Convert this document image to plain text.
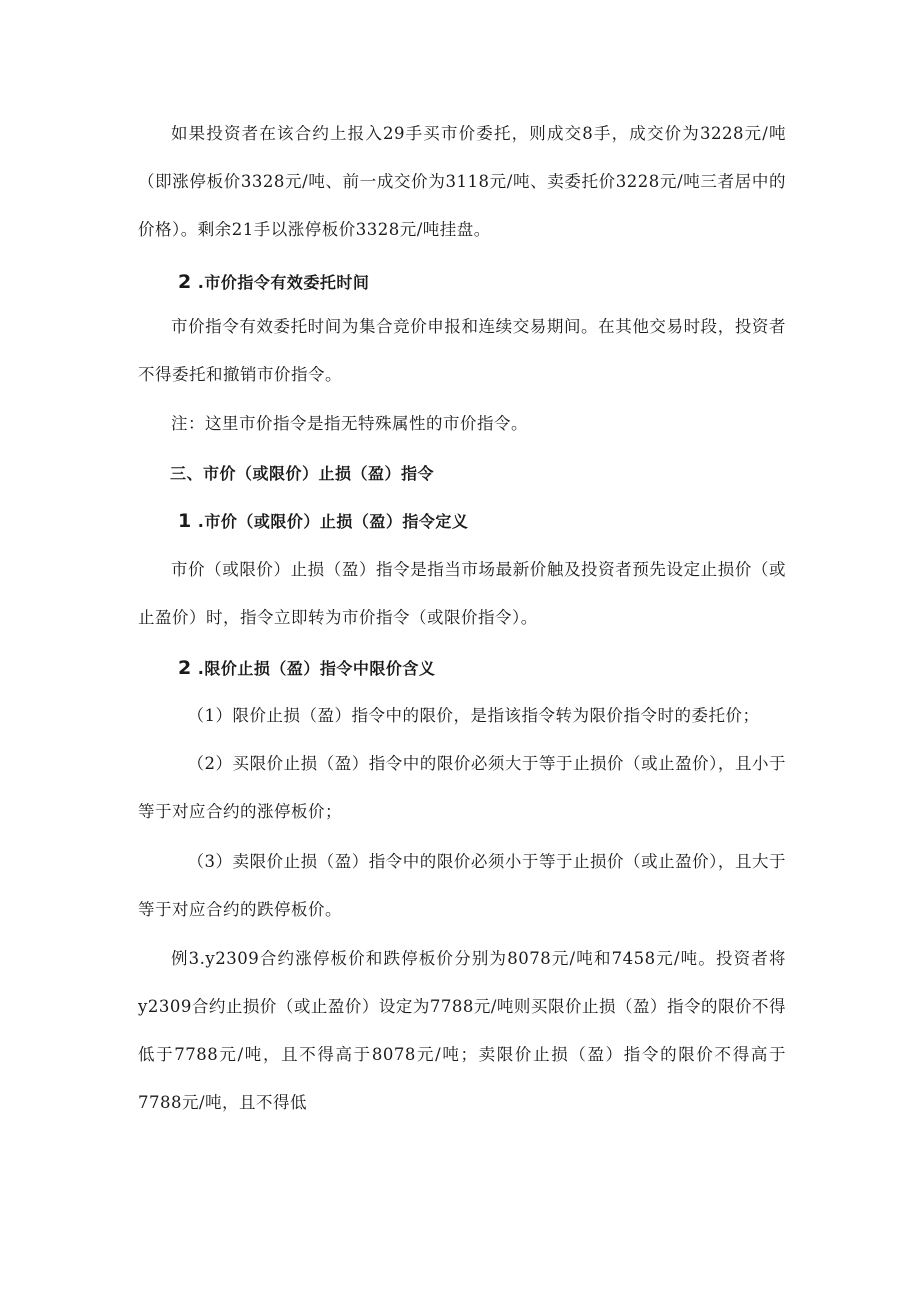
如果投资者在该合约上报入29手买市价委托，则成交8手，成交价为3228元/吨（即涨停板价3328元/吨、前一成交价为3118元/吨、卖委托价3228元/吨三者居中的价格）。剩余21手以涨停板价3328元/吨挂盘。

2 .市价指令有效委托时间

市价指令有效委托时间为集合竞价申报和连续交易期间。在其他交易时段，投资者不得委托和撤销市价指令。

注：这里市价指令是指无特殊属性的市价指令。

三、市价（或限价）止损（盈）指令
1 .市价（或限价）止损（盈）指令定义

市价（或限价）止损（盈）指令是指当市场最新价触及投资者预先设定止损价（或止盈价）时，指令立即转为市价指令（或限价指令）。

2 .限价止损（盈）指令中限价含义

（1）限价止损（盈）指令中的限价，是指该指令转为限价指令时的委托价；

（2）买限价止损（盈）指令中的限价必须大于等于止损价（或止盈价），且小于等于对应合约的涨停板价；

（3）卖限价止损（盈）指令中的限价必须小于等于止损价（或止盈价），且大于等于对应合约的跌停板价。

例3.y2309合约涨停板价和跌停板价分别为8078元/吨和7458元/吨。投资者将y2309合约止损价（或止盈价）设定为7788元/吨则买限价止损（盈）指令的限价不得低于7788元/吨，且不得高于8078元/吨；卖限价止损（盈）指令的限价不得高于7788元/吨，且不得低
